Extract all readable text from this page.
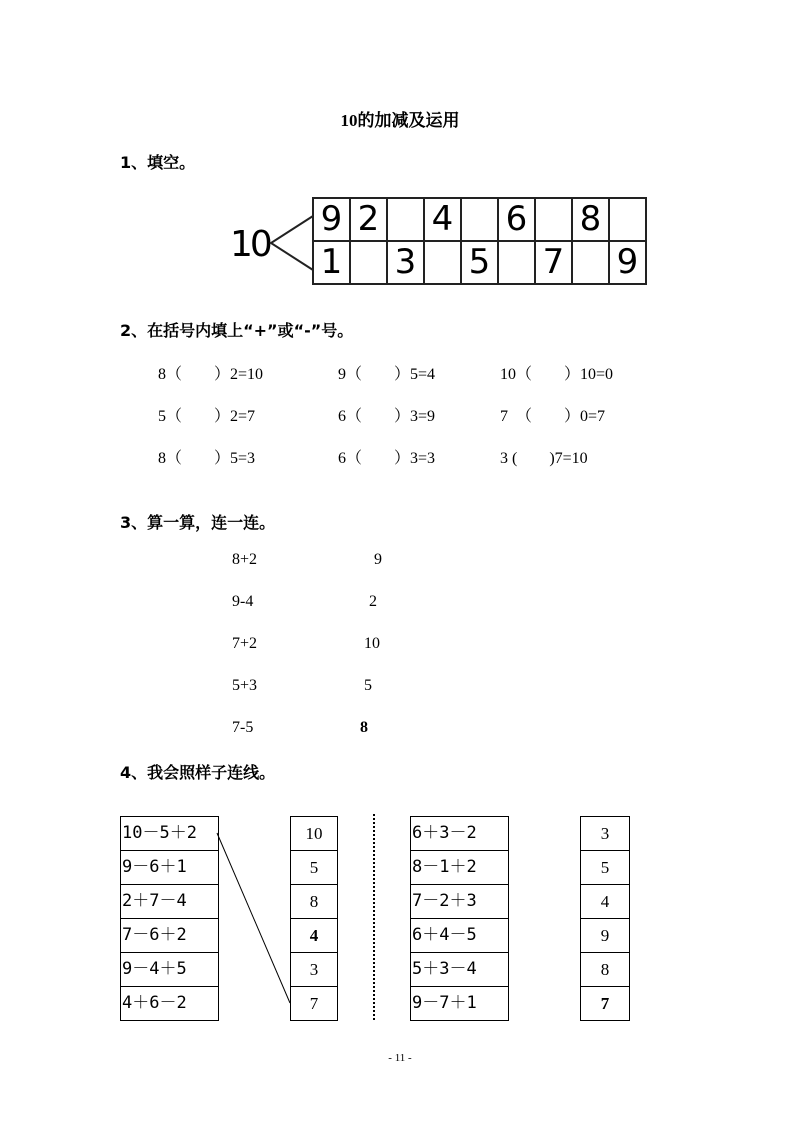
10的加减及运用
1、填空。
10
9	2		4		6		8	
1		3		5		7		9
2、在括号内填上“+”或“-”号。
8（　　）2=10	9（　　）5=4	10（　　）10=0
5（　　）2=7	6（　　）3=9	7　（　　）0=7
8（　　）5=3	6（　　）3=3	3 (　　)7=10
3、算一算，连一连。
8+2
9-4
7+2
5+3
7-5
9
2
10
5
8
4、我会照样子连线。
10－5＋2
9－6＋1
2＋7－4
7－6＋2
9－4＋5
4＋6－2
10
5
8
4
3
7
6＋3－2
8－1＋2
7－2＋3
6＋4－5
5＋3－4
9－7＋1
3
5
4
9
8
7
- 11 -
